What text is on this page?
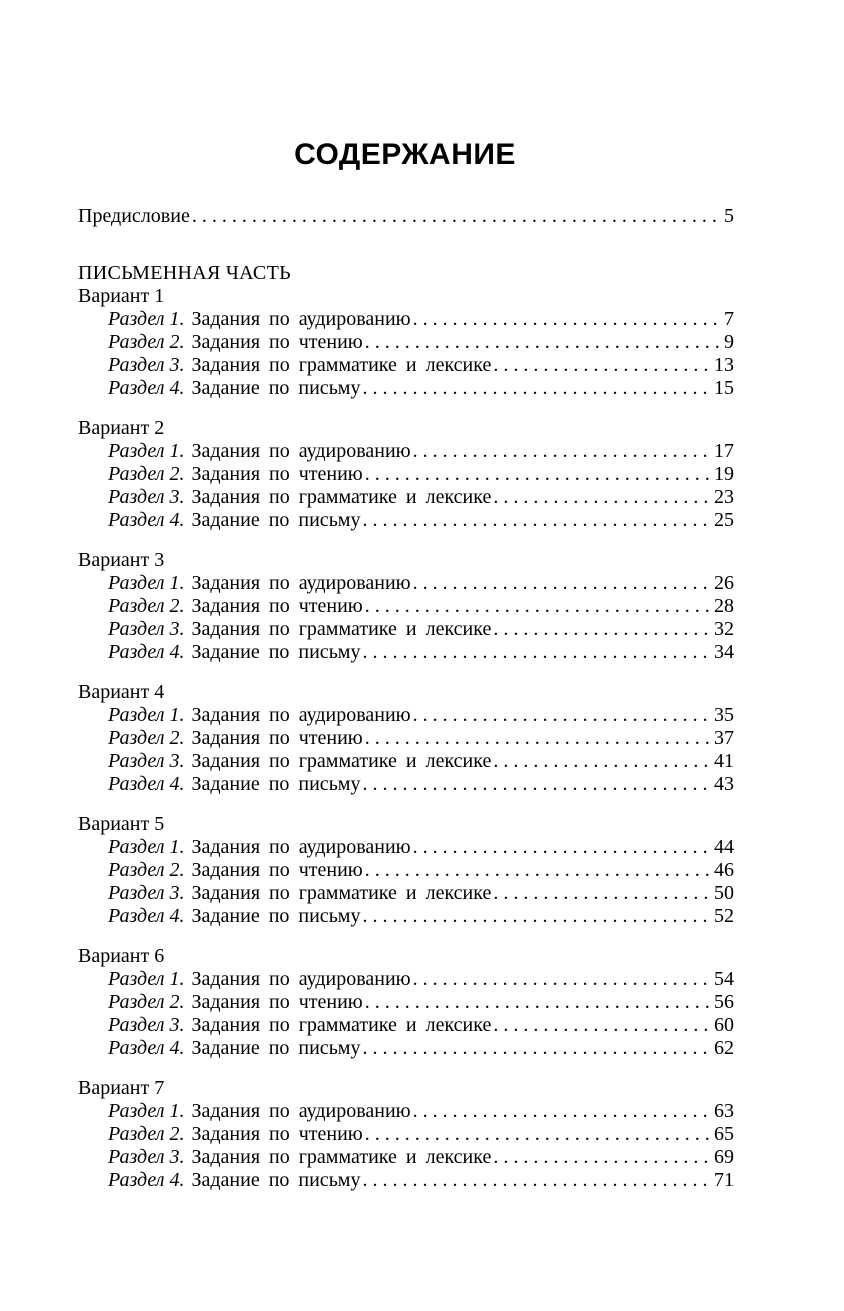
СОДЕРЖАНИЕ
Предисловие . . .	5
ПИСЬМЕННАЯ ЧАСТЬ
Вариант 1
Раздел 1. Задания по аудированию . . .	7
Раздел 2. Задания по чтению . . .	9
Раздел 3. Задания по грамматике и лексике . . .	13
Раздел 4. Задание по письму . . .	15
Вариант 2
Раздел 1. Задания по аудированию . . .	17
Раздел 2. Задания по чтению . . .	19
Раздел 3. Задания по грамматике и лексике . . .	23
Раздел 4. Задание по письму . . .	25
Вариант 3
Раздел 1. Задания по аудированию . . .	26
Раздел 2. Задания по чтению . . .	28
Раздел 3. Задания по грамматике и лексике . . .	32
Раздел 4. Задание по письму . . .	34
Вариант 4
Раздел 1. Задания по аудированию . . .	35
Раздел 2. Задания по чтению . . .	37
Раздел 3. Задания по грамматике и лексике . . .	41
Раздел 4. Задание по письму . . .	43
Вариант 5
Раздел 1. Задания по аудированию . . .	44
Раздел 2. Задания по чтению . . .	46
Раздел 3. Задания по грамматике и лексике . . .	50
Раздел 4. Задание по письму . . .	52
Вариант 6
Раздел 1. Задания по аудированию . . .	54
Раздел 2. Задания по чтению . . .	56
Раздел 3. Задания по грамматике и лексике . . .	60
Раздел 4. Задание по письму . . .	62
Вариант 7
Раздел 1. Задания по аудированию . . .	63
Раздел 2. Задания по чтению . . .	65
Раздел 3. Задания по грамматике и лексике . . .	69
Раздел 4. Задание по письму . . .	71
